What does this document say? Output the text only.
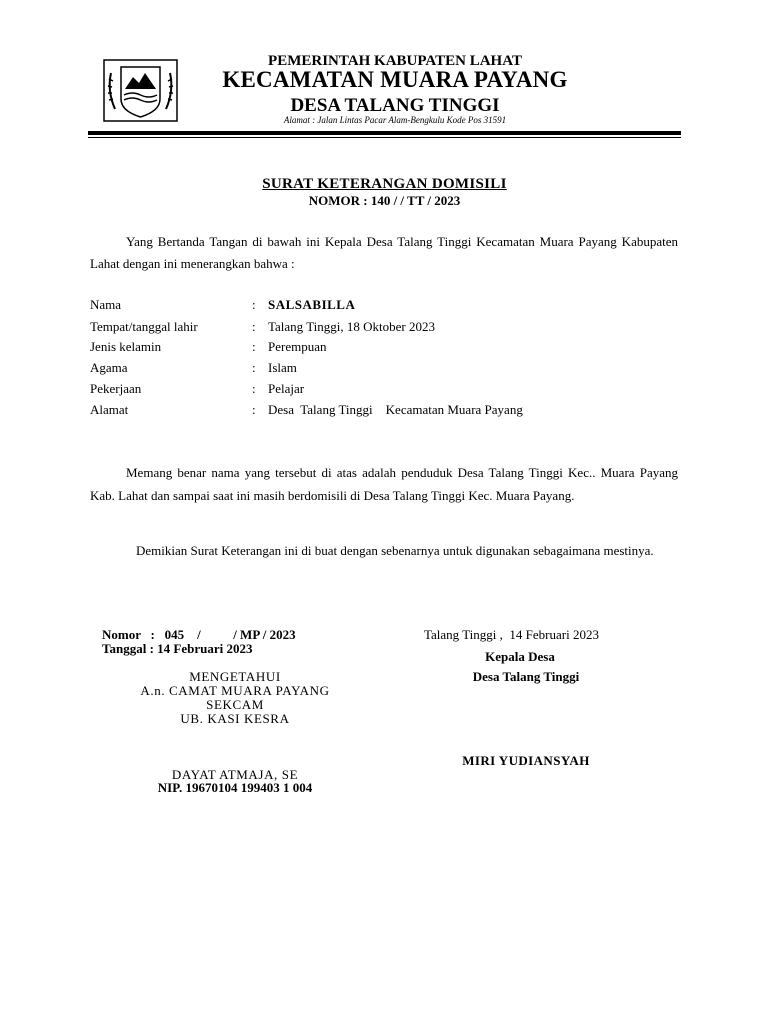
PEMERINTAH KABUPATEN LAHAT
KECAMATAN MUARA PAYANG
DESA TALANG TINGGI
Alamat : Jalan Lintas Pacar Alam-Bengkulu Kode Pos 31591
SURAT KETERANGAN DOMISILI
NOMOR : 140 / / TT / 2023
Yang Bertanda Tangan di bawah ini Kepala Desa Talang Tinggi Kecamatan Muara Payang Kabupaten Lahat dengan ini menerangkan bahwa :
Nama	: SALSABILLA
Tempat/tanggal lahir	: Talang Tinggi, 18 Oktober 2023
Jenis kelamin	: Perempuan
Agama	: Islam
Pekerjaan	: Pelajar
Alamat	: Desa  Talang Tinggi    Kecamatan Muara Payang
Memang benar nama yang tersebut di atas adalah penduduk Desa Talang Tinggi Kec.. Muara Payang Kab. Lahat dan sampai saat ini masih berdomisili di Desa Talang Tinggi Kec. Muara Payang.
Demikian Surat Keterangan ini di buat dengan sebenarnya untuk digunakan sebagaimana mestinya.
Nomor   :   045    /          / MP / 2023
Tanggal : 14 Februari 2023
MENGETAHUI
A.n. CAMAT MUARA PAYANG
SEKCAM
UB. KASI KESRA
DAYAT ATMAJA, SE
NIP. 19670104 199403 1 004
Talang Tinggi ,  14 Februari 2023
Kepala Desa
Desa Talang Tinggi
MIRI YUDIANSYAH
